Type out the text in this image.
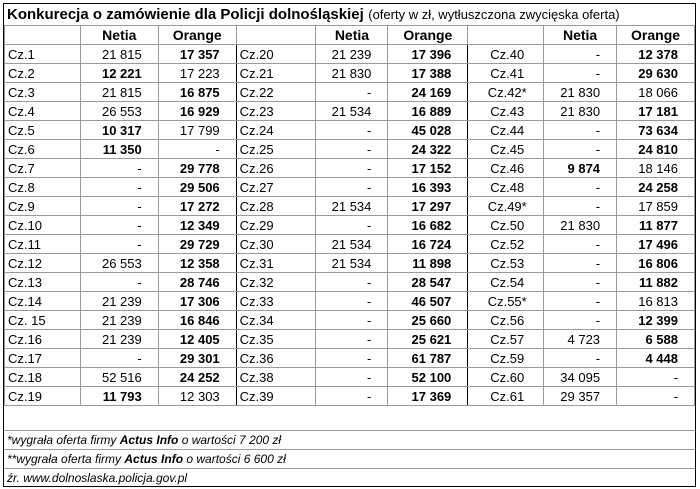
Konkurecja o zamówienie dla Policji dolnośląskiej (oferty w zł, wytłuszczona zwycięska oferta)
	Netia	Orange		Netia	Orange		Netia	Orange
Cz.1	21 815	17 357	Cz.20	21 239	17 396	Cz.40	-	12 378
Cz.2	12 221	17 223	Cz.21	21 830	17 388	Cz.41	-	29 630
Cz.3	21 815	16 875	Cz.22	-	24 169	Cz.42*	21 830	18 066
Cz.4	26 553	16 929	Cz.23	21 534	16 889	Cz.43	21 830	17 181
Cz.5	10 317	17 799	Cz.24	-	45 028	Cz.44	-	73 634
Cz.6	11 350	-	Cz.25	-	24 322	Cz.45	-	24 810
Cz.7	-	29 778	Cz.26	-	17 152	Cz.46	9 874	18 146
Cz.8	-	29 506	Cz.27	-	16 393	Cz.48	-	24 258
Cz.9	-	17 272	Cz.28	21 534	17 297	Cz.49*	-	17 859
Cz.10	-	12 349	Cz.29	-	16 682	Cz.50	21 830	11 877
Cz.11	-	29 729	Cz.30	21 534	16 724	Cz.52	-	17 496
Cz.12	26 553	12 358	Cz.31	21 534	11 898	Cz.53	-	16 806
Cz.13	-	28 746	Cz.32	-	28 547	Cz.54	-	11 882
Cz.14	21 239	17 306	Cz.33	-	46 507	Cz.55*	-	16 813
Cz. 15	21 239	16 846	Cz.34	-	25 660	Cz.56	-	12 399
Cz.16	21 239	12 405	Cz.35	-	25 621	Cz.57	4 723	6 588
Cz.17	-	29 301	Cz.36	-	61 787	Cz.59	-	4 448
Cz.18	52 516	24 252	Cz.38	-	52 100	Cz.60	34 095	-
Cz.19	11 793	12 303	Cz.39	-	17 369	Cz.61	29 357	-
*wygrała oferta firmy Actus Info o wartości 7 200 zł
**wygrała oferta firmy Actus Info o wartości 6 600 zł
źr. www.dolnoslaska.policja.gov.pl
